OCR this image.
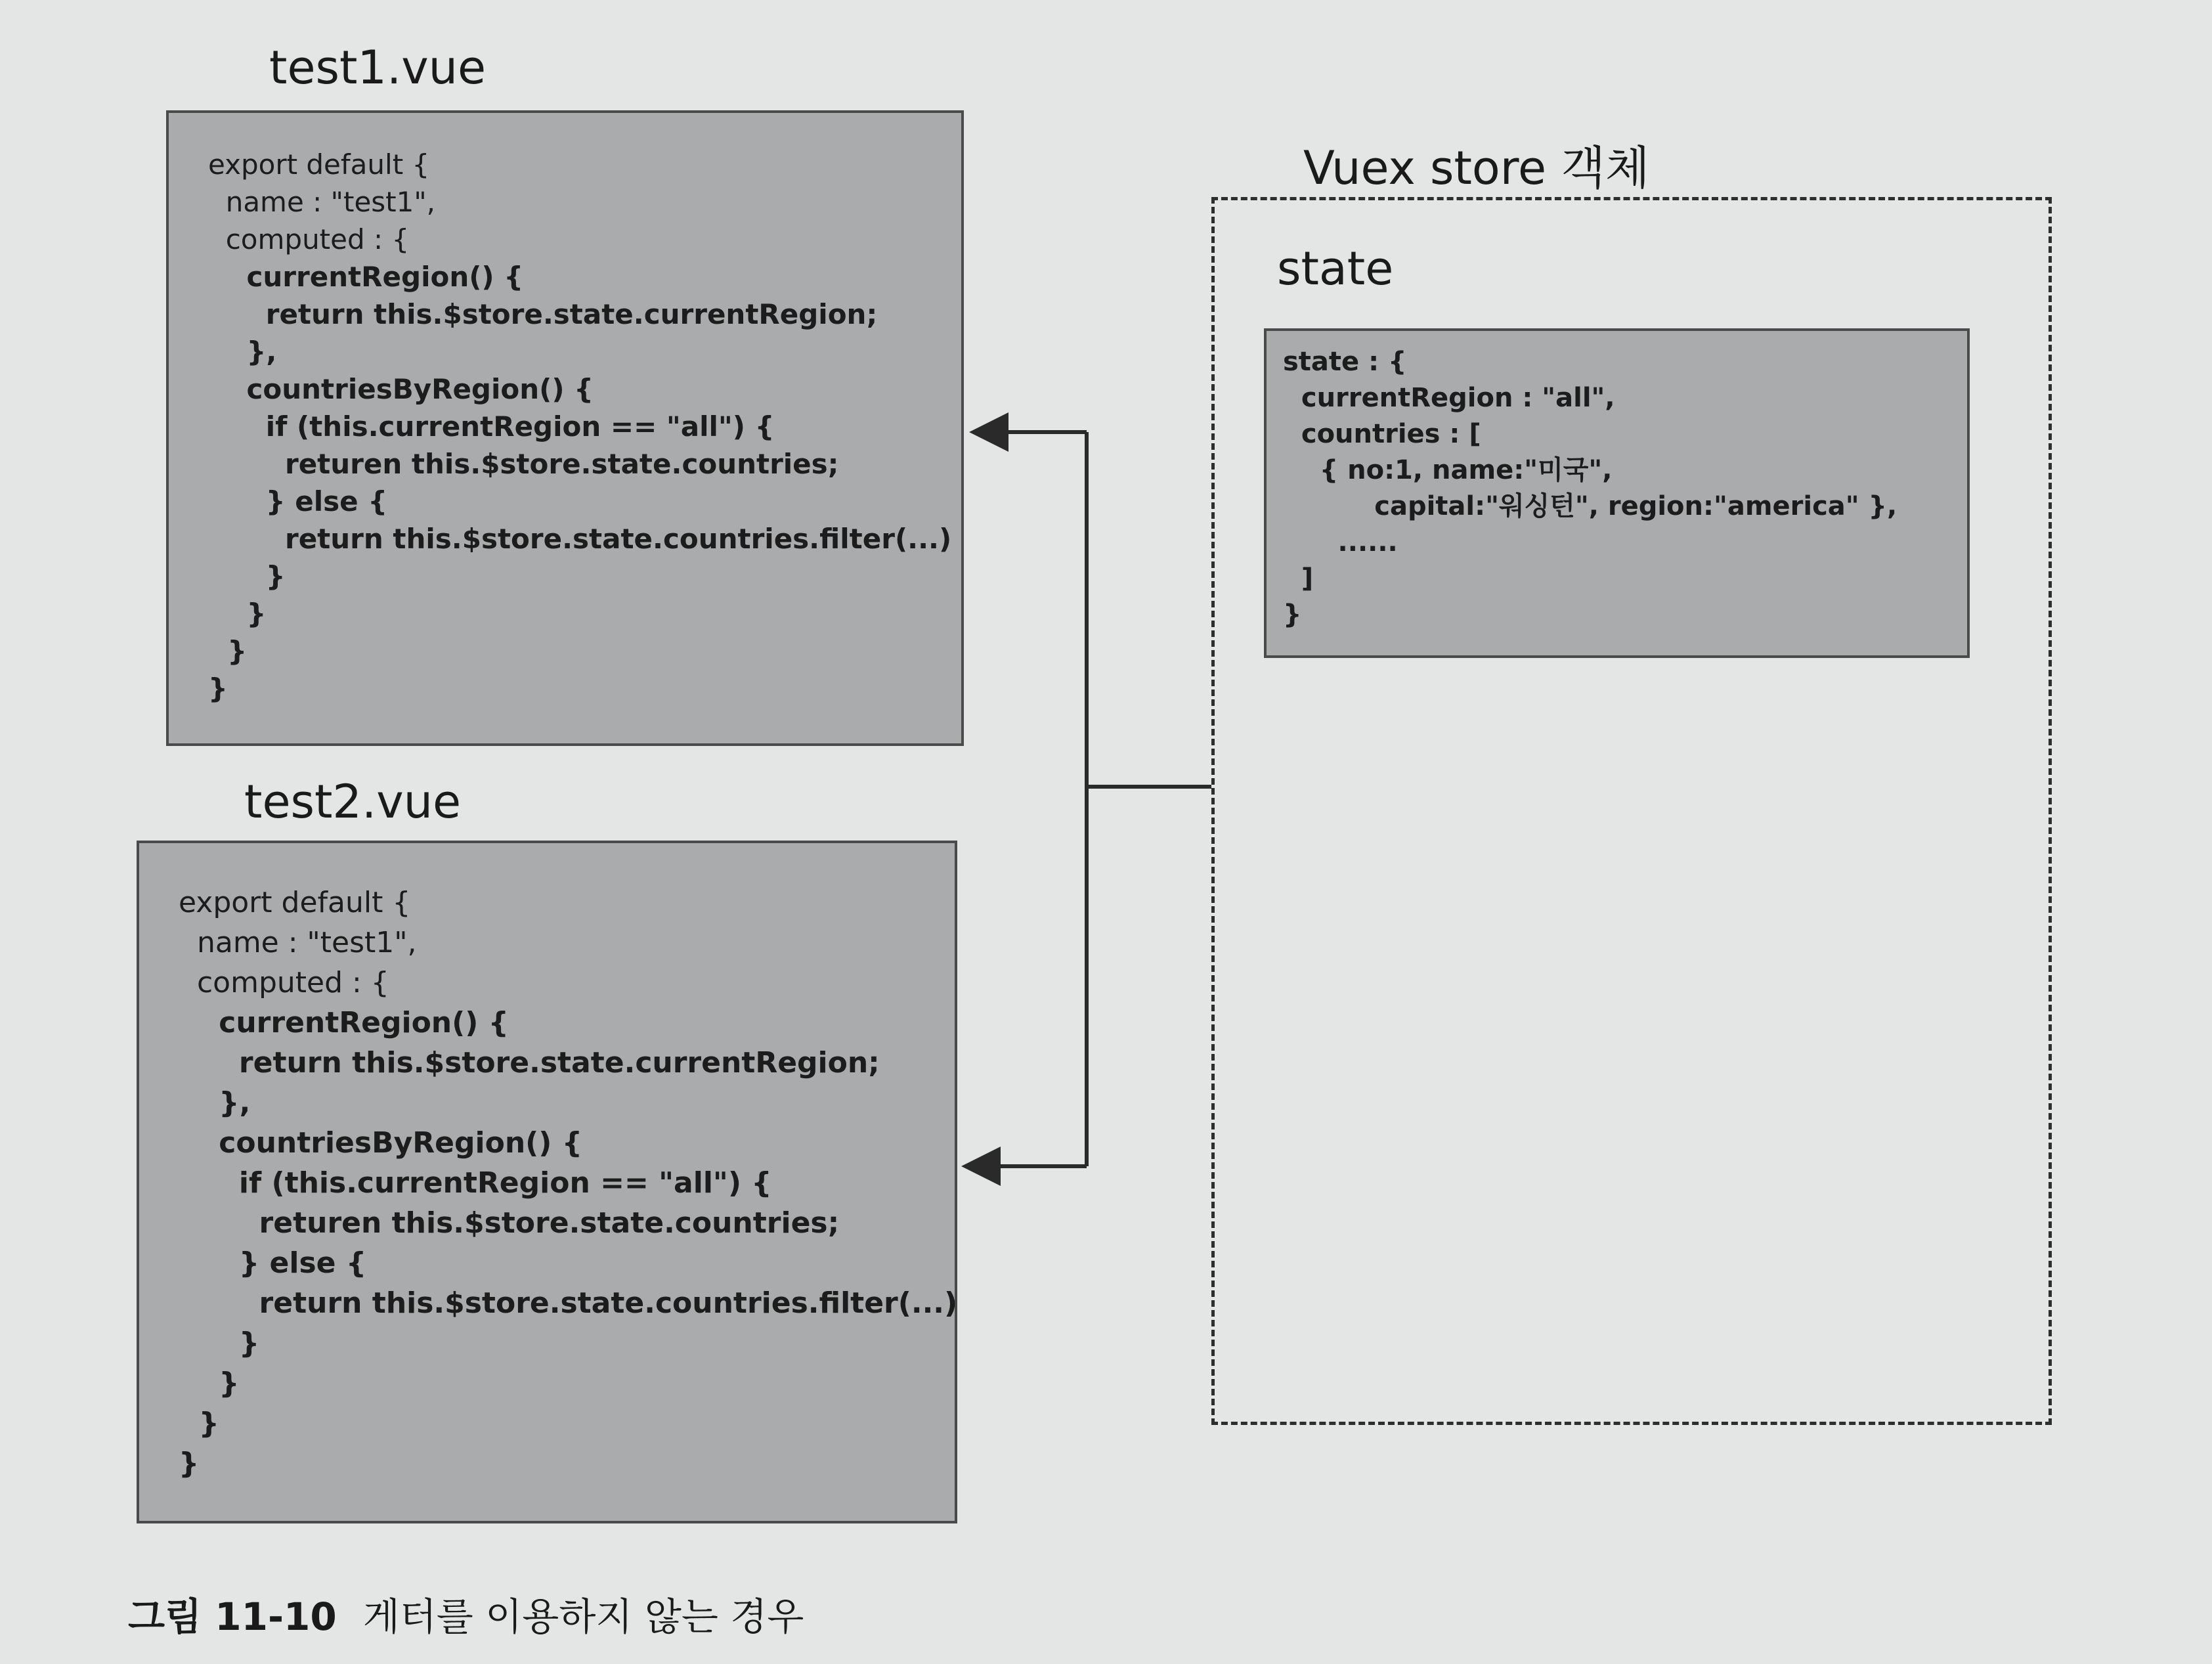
test1.vue
export default {
name : "test1",
computed : {
currentRegion() {
return this.$store.state.currentRegion;
},
countriesByRegion() {
if (this.currentRegion == "all") {
returen this.$store.state.countries;
} else {
return this.$store.state.countries.filter(...)
}
}
}
}
test2.vue
export default {
name : "test1",
computed : {
currentRegion() {
return this.$store.state.currentRegion;
},
countriesByRegion() {
if (this.currentRegion == "all") {
returen this.$store.state.countries;
} else {
return this.$store.state.countries.filter(...)
}
}
}
}
Vuex store 객체
state
state : {
currentRegion : "all",
countries : [
{ no:1, name:"미국",
capital:"워싱턴", region:"america" },
......
]
}
그림 11-10 게터를 이용하지 않는 경우
